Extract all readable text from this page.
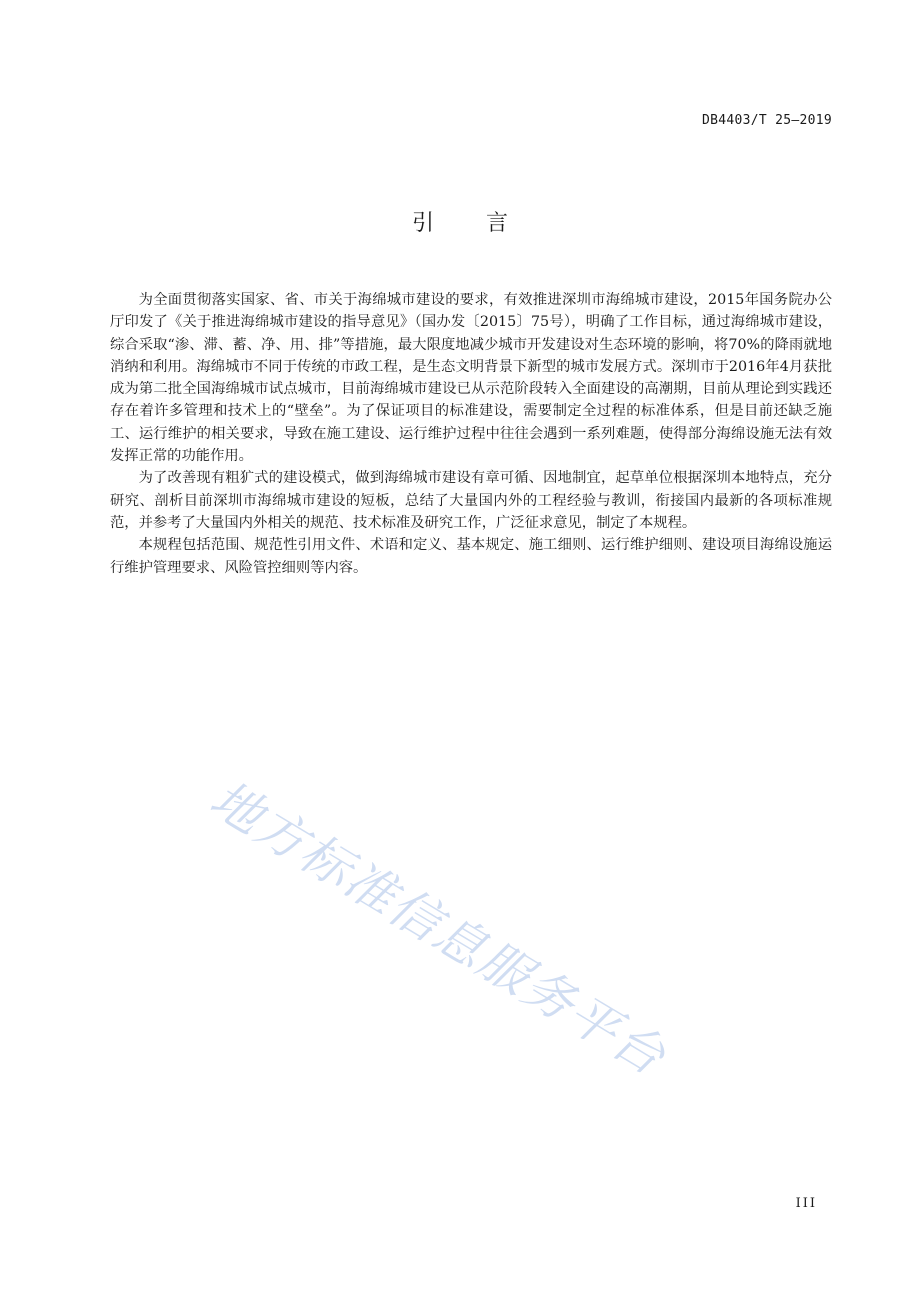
DB4403/T 25—2019
引言

为全面贯彻落实国家、省、市关于海绵城市建设的要求，有效推进深圳市海绵城市建设，2015年国务院办公厅印发了《关于推进海绵城市建设的指导意见》（国办发〔2015〕75号），明确了工作目标，通过海绵城市建设，综合采取“渗、滞、蓄、净、用、排”等措施，最大限度地减少城市开发建设对生态环境的影响，将70%的降雨就地消纳和利用。海绵城市不同于传统的市政工程，是生态文明背景下新型的城市发展方式。深圳市于2016年4月获批成为第二批全国海绵城市试点城市，目前海绵城市建设已从示范阶段转入全面建设的高潮期，目前从理论到实践还存在着许多管理和技术上的“壁垒”。为了保证项目的标准建设，需要制定全过程的标准体系，但是目前还缺乏施工、运行维护的相关要求，导致在施工建设、运行维护过程中往往会遇到一系列难题，使得部分海绵设施无法有效发挥正常的功能作用。

为了改善现有粗犷式的建设模式，做到海绵城市建设有章可循、因地制宜，起草单位根据深圳本地特点，充分研究、剖析目前深圳市海绵城市建设的短板，总结了大量国内外的工程经验与教训，衔接国内最新的各项标准规范，并参考了大量国内外相关的规范、技术标准及研究工作，广泛征求意见，制定了本规程。

本规程包括范围、规范性引用文件、术语和定义、基本规定、施工细则、运行维护细则、建设项目海绵设施运行维护管理要求、风险管控细则等内容。

地方标准信息服务平台
III
